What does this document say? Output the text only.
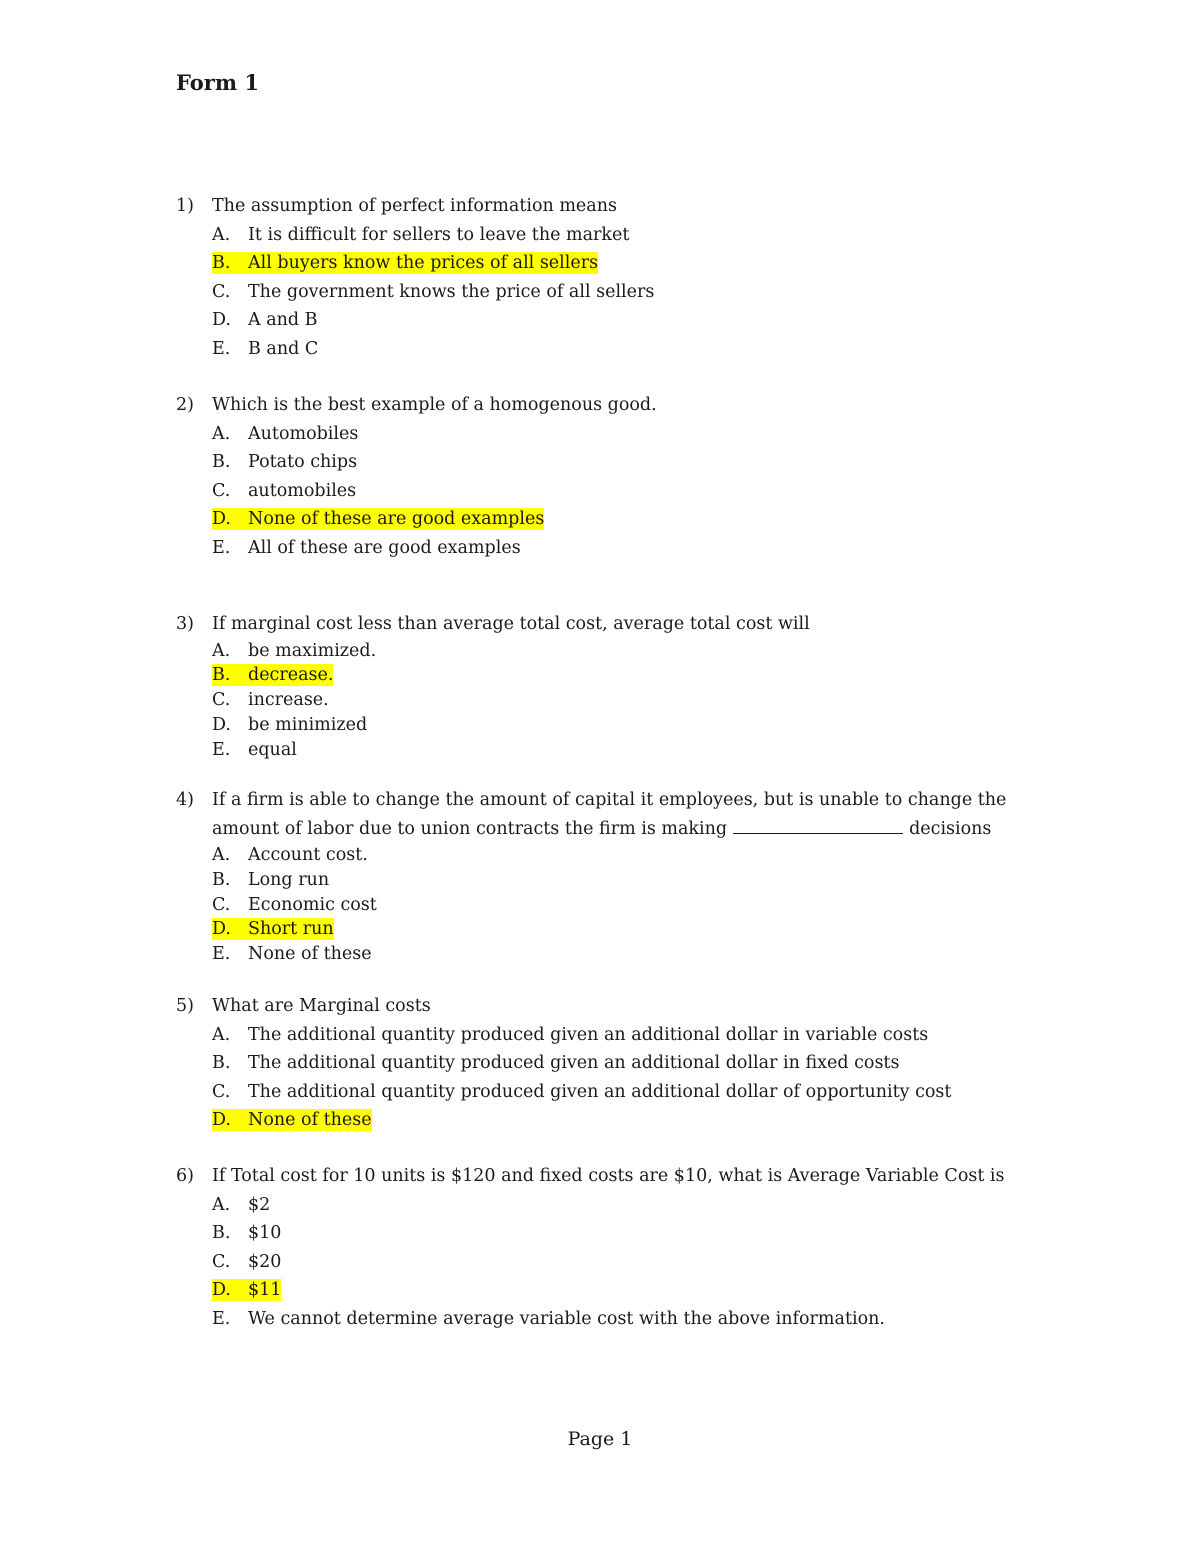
Form 1
1) The assumption of perfect information means
A. It is difficult for sellers to leave the market
B. All buyers know the prices of all sellers
C. The government knows the price of all sellers
D. A and B
E. B and C
2) Which is the best example of a homogenous good.
A. Automobiles
B. Potato chips
C. automobiles
D. None of these are good examples
E. All of these are good examples
3) If marginal cost less than average total cost, average total cost will
A. be maximized.
B. decrease.
C. increase.
D. be minimized
E. equal
4) If a firm is able to change the amount of capital it employees, but is unable to change the
amount of labor due to union contracts the firm is making	decisions
A. Account cost.
B. Long run
C. Economic cost
D. Short run
E. None of these
5) What are Marginal costs
A. The additional quantity produced given an additional dollar in variable costs
B. The additional quantity produced given an additional dollar in fixed costs
C. The additional quantity produced given an additional dollar of opportunity cost
D. None of these
6) If Total cost for 10 units is $120 and fixed costs are $10, what is Average Variable Cost is
A. $2
B. $10
C. $20
D. $11
E. We cannot determine average variable cost with the above information.
Page 1
